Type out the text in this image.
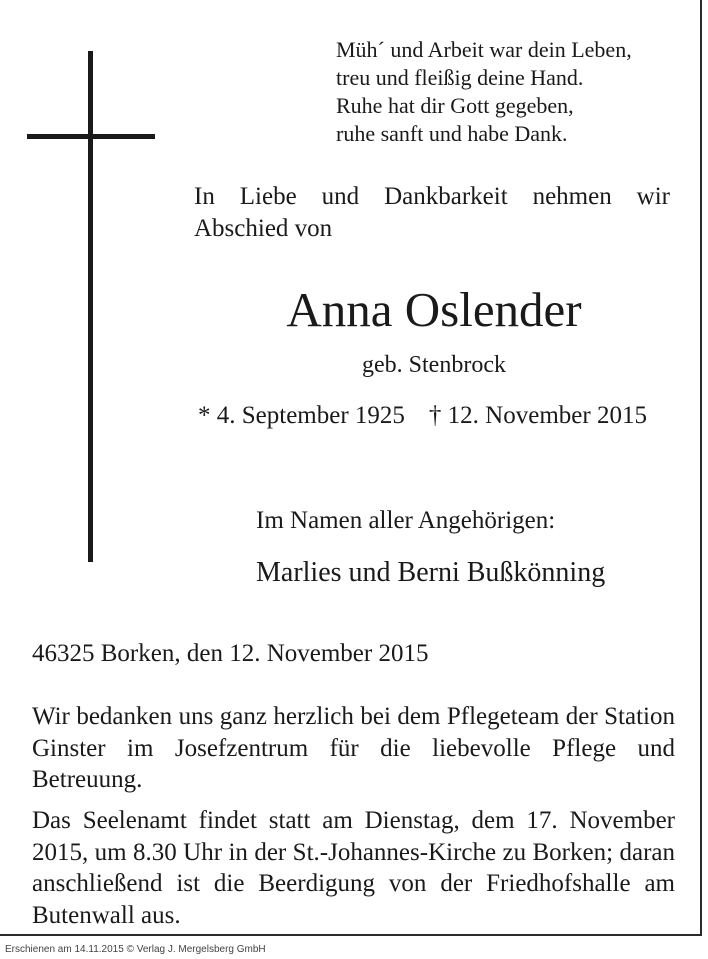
Müh´ und Arbeit war dein Leben,
treu und fleißig deine Hand.
Ruhe hat dir Gott gegeben,
ruhe sanft und habe Dank.
In Liebe und Dankbarkeit nehmen wir Abschied von
Anna Oslender
geb. Stenbrock
* 4. September 1925 † 12. November 2015
Im Namen aller Angehörigen:
Marlies und Berni Bußkönning
46325 Borken, den 12. November 2015
Wir bedanken uns ganz herzlich bei dem Pflegeteam der Station Ginster im Josefzentrum für die liebevolle Pflege und Betreuung.
Das Seelenamt findet statt am Dienstag, dem 17. November 2015, um 8.30 Uhr in der St.-Johannes-Kirche zu Borken; daran anschließend ist die Beerdigung von der Friedhofshalle am Butenwall aus.
Erschienen am 14.11.2015 © Verlag J. Mergelsberg GmbH
